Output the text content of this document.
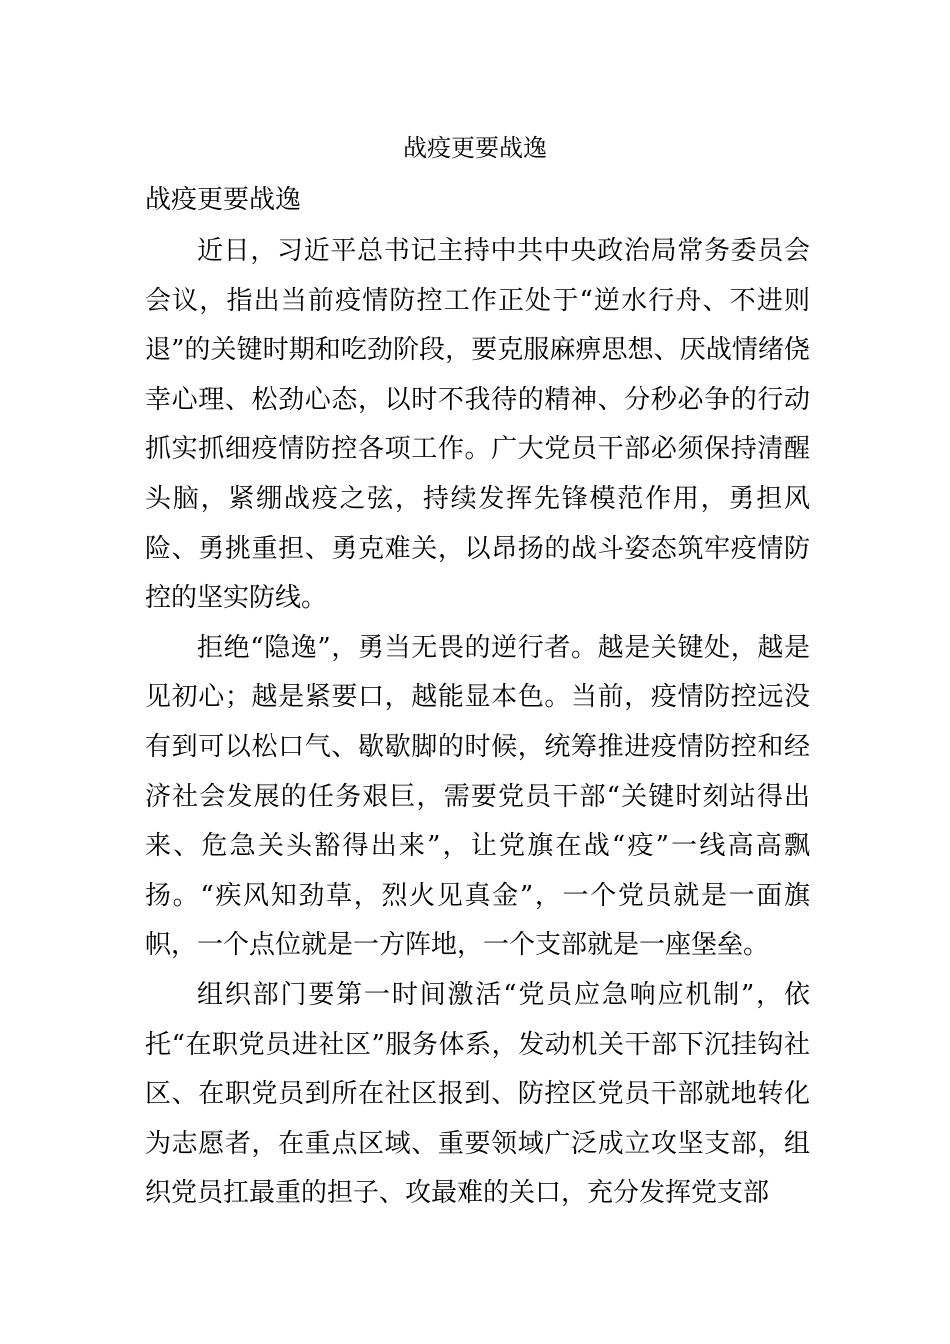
战疫更要战逸
战疫更要战逸

近日，习近平总书记主持中共中央政治局常务委员会会议，指出当前疫情防控工作正处于“逆水行舟、不进则退”的关键时期和吃劲阶段，要克服麻痹思想、厌战情绪侥幸心理、松劲心态，以时不我待的精神、分秒必争的行动抓实抓细疫情防控各项工作。广大党员干部必须保持清醒头脑，紧绷战疫之弦，持续发挥先锋模范作用，勇担风险、勇挑重担、勇克难关，以昂扬的战斗姿态筑牢疫情防控的坚实防线。

拒绝“隐逸”，勇当无畏的逆行者。越是关键处，越是见初心；越是紧要口，越能显本色。当前，疫情防控远没有到可以松口气、歇歇脚的时候，统筹推进疫情防控和经济社会发展的任务艰巨，需要党员干部“关键时刻站得出来、危急关头豁得出来”，让党旗在战“疫”一线高高飘扬。“疾风知劲草，烈火见真金”，一个党员就是一面旗帜，一个点位就是一方阵地，一个支部就是一座堡垒。

组织部门要第一时间激活“党员应急响应机制”，依托“在职党员进社区”服务体系，发动机关干部下沉挂钩社区、在职党员到所在社区报到、防控区党员干部就地转化为志愿者，在重点区域、重要领域广泛成立攻坚支部，组织党员扛最重的担子、攻最难的关口，充分发挥党支部
